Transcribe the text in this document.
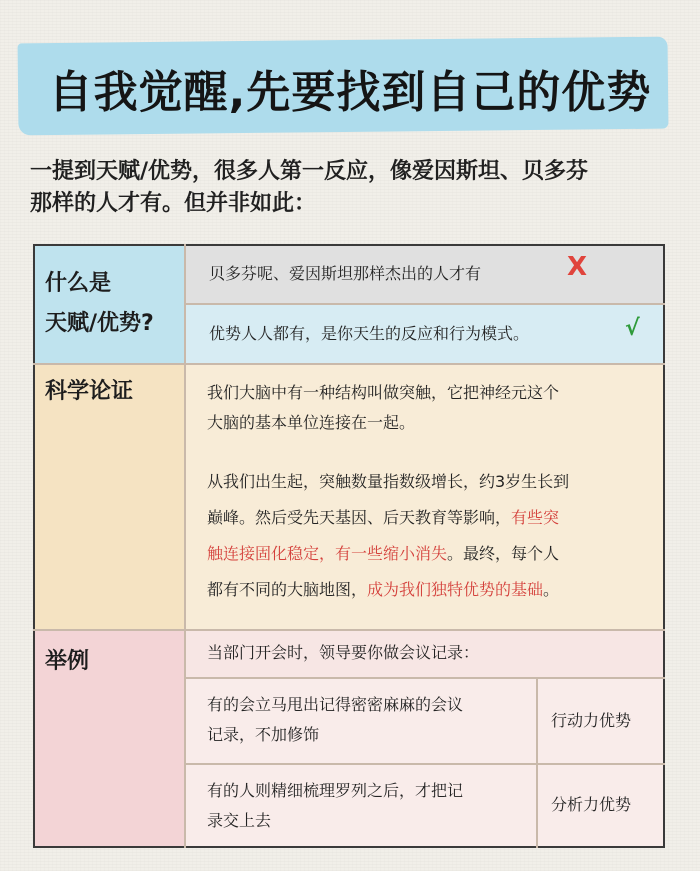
自我觉醒,先要找到自己的优势
一提到天赋/优势，很多人第一反应，像爱因斯坦、贝多芬
那样的人才有。但并非如此：
什么是
天赋/优势?
科学论证
举例
贝多芬呢、爱因斯坦那样杰出的人才有	X
优势人人都有，是你天生的反应和行为模式。	√
我们大脑中有一种结构叫做突触，它把神经元这个
大脑的基本单位连接在一起。
从我们出生起，突触数量指数级增长，约3岁生长到
巅峰。然后受先天基因、后天教育等影响，有些突
触连接固化稳定，有一些缩小消失。最终，每个人
都有不同的大脑地图，成为我们独特优势的基础。
当部门开会时，领导要你做会议记录：
有的会立马甩出记得密密麻麻的会议
记录，不加修饰
行动力优势
有的人则精细梳理罗列之后，才把记
录交上去
分析力优势
